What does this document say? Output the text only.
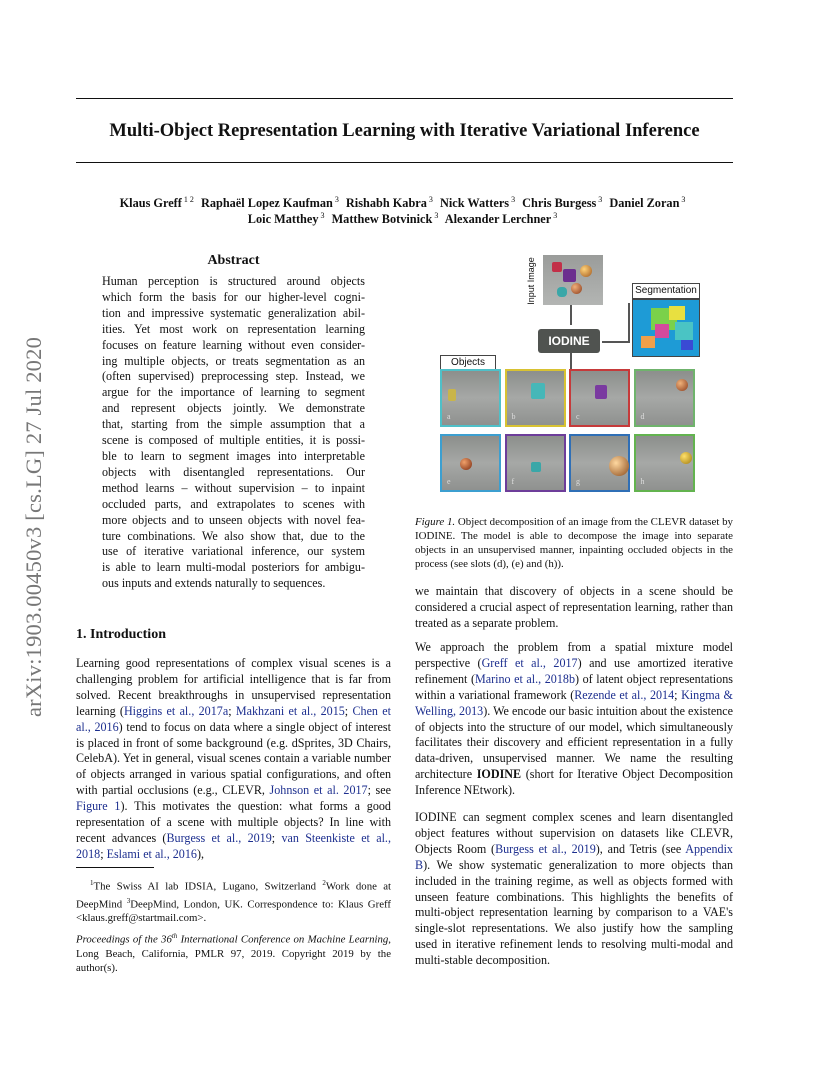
Multi-Object Representation Learning with Iterative Variational Inference
Klaus Greff $^{1 2}$ Raphaël Lopez Kaufman $^3$ Rishabh Kabra $^3$ Nick Watters $^3$ Chris Burgess $^3$ Daniel Zoran $^3$
Loic Matthey $^3$ Matthew Botvinick $^3$ Alexander Lerchner $^3$
arXiv:1903.00450v3 [cs.LG] 27 Jul 2020
Abstract
Human perception is structured around objects
which form the basis for our higher-level cogni-
tion and impressive systematic generalization abil-
ities. Yet most work on representation learning
focuses on feature learning without even consider-
ing multiple objects, or treats segmentation as an
(often supervised) preprocessing step. Instead, we
argue for the importance of learning to segment
and represent objects jointly. We demonstrate
that, starting from the simple assumption that a
scene is composed of multiple entities, it is possi-
ble to learn to segment images into interpretable
objects with disentangled representations. Our
method learns – without supervision – to inpaint
occluded parts, and extrapolates to scenes with
more objects and to unseen objects with novel fea-
ture combinations. We also show that, due to the
use of iterative variational inference, our system
is able to learn multi-modal posteriors for ambigu-
ous inputs and extends naturally to sequences.
1. Introduction
Learning good representations of complex visual scenes is a challenging problem for artificial intelligence that is far from solved. Recent breakthroughs in unsupervised representation learning (Higgins et al., 2017a; Makhzani et al., 2015; Chen et al., 2016) tend to focus on data where a single object of interest is placed in front of some background (e.g. dSprites, 3D Chairs, CelebA). Yet in general, visual scenes contain a variable number of objects arranged in various spatial configurations, and often with partial occlusions (e.g., CLEVR, Johnson et al. 2017; see Figure 1). This motivates the question: what forms a good representation of a scene with multiple objects? In line with recent advances (Burgess et al., 2019; van Steenkiste et al., 2018; Eslami et al., 2016),
$^1$The Swiss AI lab IDSIA, Lugano, Switzerland $^2$Work done at DeepMind $^3$DeepMind, London, UK. Correspondence to: Klaus Greff <klaus.greff@startmail.com>.
Proceedings of the 36th International Conference on Machine Learning, Long Beach, California, PMLR 97, 2019. Copyright 2019 by the author(s).
Input Image
IODINE
Segmentation
Objects
a	b	c	d
e	f	g	h
Figure 1. Object decomposition of an image from the CLEVR dataset by IODINE. The model is able to decompose the image into separate objects in an unsupervised manner, inpainting occluded objects in the process (see slots (d), (e) and (h)).
we maintain that discovery of objects in a scene should be considered a crucial aspect of representation learning, rather than treated as a separate problem.
We approach the problem from a spatial mixture model perspective (Greff et al., 2017) and use amortized iterative refinement (Marino et al., 2018b) of latent object representations within a variational framework (Rezende et al., 2014; Kingma & Welling, 2013). We encode our basic intuition about the existence of objects into the structure of our model, which simultaneously facilitates their discovery and efficient representation in a fully data-driven, unsupervised manner. We name the resulting architecture IODINE (short for Iterative Object Decomposition Inference NEtwork).
IODINE can segment complex scenes and learn disentangled object features without supervision on datasets like CLEVR, Objects Room (Burgess et al., 2019), and Tetris (see Appendix B). We show systematic generalization to more objects than included in the training regime, as well as objects formed with unseen feature combinations. This highlights the benefits of multi-object representation learning by comparison to a VAE's single-slot representations. We also justify how the sampling used in iterative refinement lends to resolving multi-modal and multi-stable decomposition.
